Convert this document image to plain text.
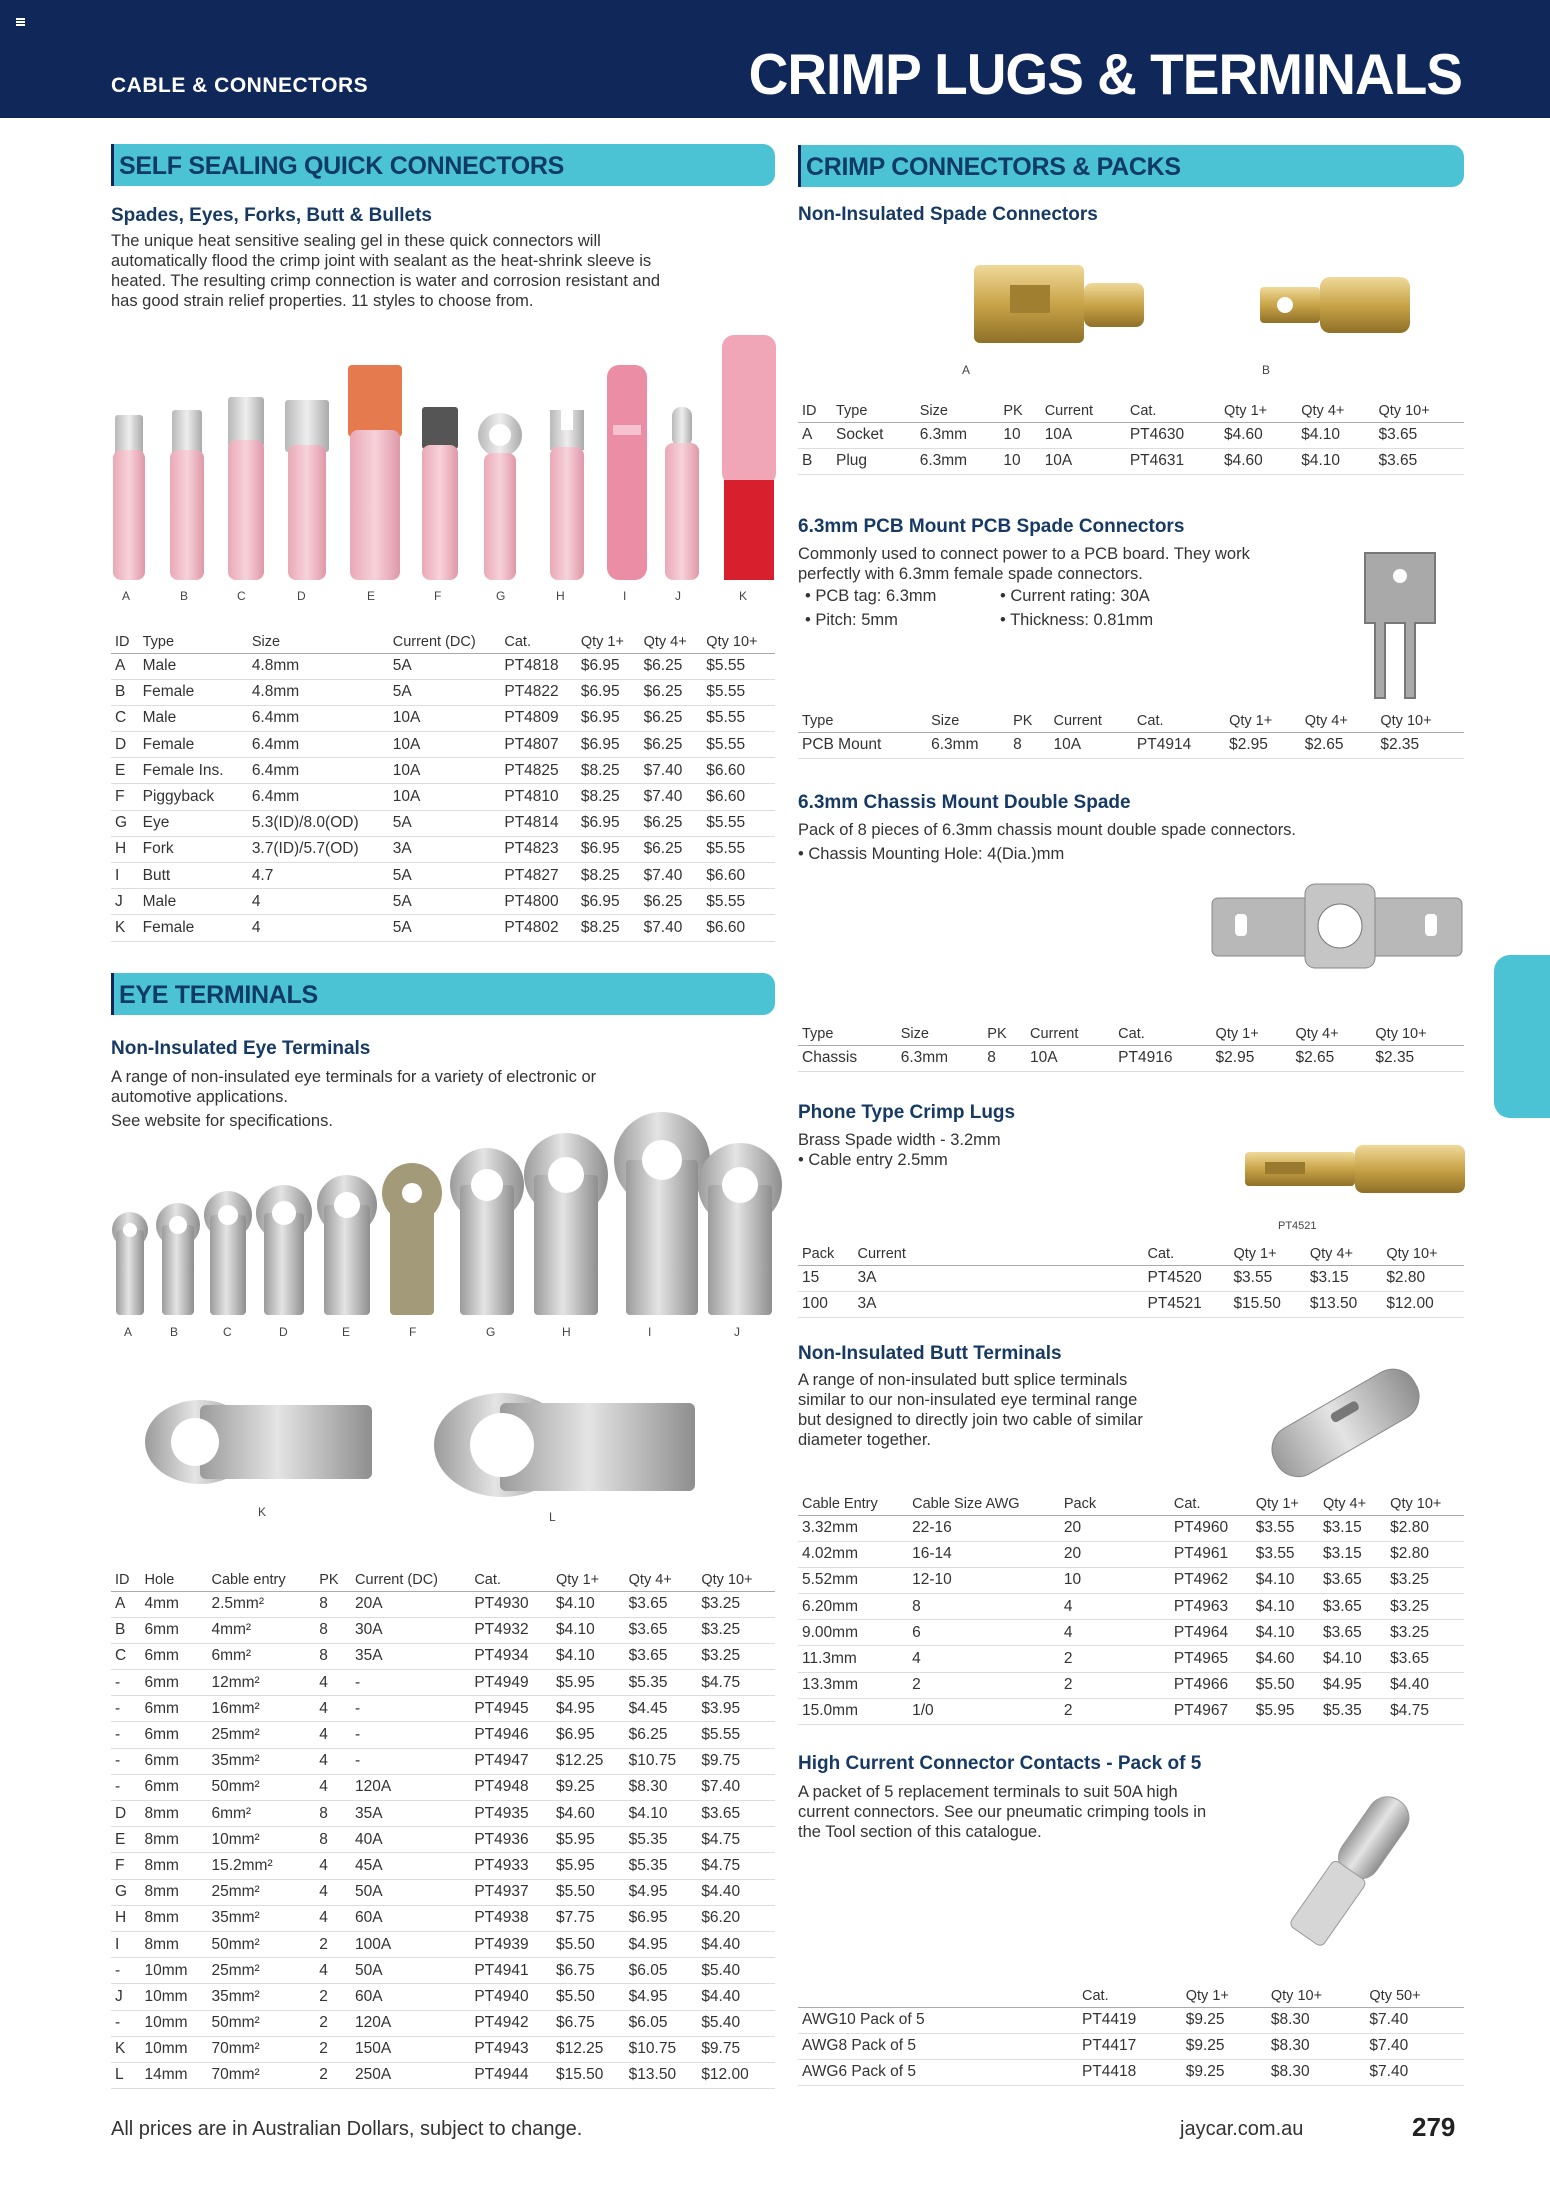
CABLE & CONNECTORS	CRIMP LUGS & TERMINALS
SELF SEALING QUICK CONNECTORS
Spades, Eyes, Forks, Butt & Bullets
The unique heat sensitive sealing gel in these quick connectors will
automatically flood the crimp joint with sealant as the heat-shrink sleeve is
heated. The resulting crimp connection is water and corrosion resistant and
has good strain relief properties. 11 styles to choose from.
A	B	C	D	E	F	G	H	I	J	K
ID	Type	Size	Current (DC)	Cat.	Qty 1+	Qty 4+	Qty 10+
A	Male	4.8mm	5A	PT4818	$6.95	$6.25	$5.55
B	Female	4.8mm	5A	PT4822	$6.95	$6.25	$5.55
C	Male	6.4mm	10A	PT4809	$6.95	$6.25	$5.55
D	Female	6.4mm	10A	PT4807	$6.95	$6.25	$5.55
E	Female Ins.	6.4mm	10A	PT4825	$8.25	$7.40	$6.60
F	Piggyback	6.4mm	10A	PT4810	$8.25	$7.40	$6.60
G	Eye	5.3(ID)/8.0(OD)	5A	PT4814	$6.95	$6.25	$5.55
H	Fork	3.7(ID)/5.7(OD)	3A	PT4823	$6.95	$6.25	$5.55
I	Butt	4.7	5A	PT4827	$8.25	$7.40	$6.60
J	Male	4	5A	PT4800	$6.95	$6.25	$5.55
K	Female	4	5A	PT4802	$8.25	$7.40	$6.60
EYE TERMINALS
Non-Insulated Eye Terminals
A range of non-insulated eye terminals for a variety of electronic or
automotive applications.
See website for specifications.
A	B	C	D	E	F	G	H	I	J
K	L
ID	Hole	Cable entry	PK	Current (DC)	Cat.	Qty 1+	Qty 4+	Qty 10+
A	4mm	2.5mm²	8	20A	PT4930	$4.10	$3.65	$3.25
B	6mm	4mm²	8	30A	PT4932	$4.10	$3.65	$3.25
C	6mm	6mm²	8	35A	PT4934	$4.10	$3.65	$3.25
-	6mm	12mm²	4	-	PT4949	$5.95	$5.35	$4.75
-	6mm	16mm²	4	-	PT4945	$4.95	$4.45	$3.95
-	6mm	25mm²	4	-	PT4946	$6.95	$6.25	$5.55
-	6mm	35mm²	4	-	PT4947	$12.25	$10.75	$9.75
-	6mm	50mm²	4	120A	PT4948	$9.25	$8.30	$7.40
D	8mm	6mm²	8	35A	PT4935	$4.60	$4.10	$3.65
E	8mm	10mm²	8	40A	PT4936	$5.95	$5.35	$4.75
F	8mm	15.2mm²	4	45A	PT4933	$5.95	$5.35	$4.75
G	8mm	25mm²	4	50A	PT4937	$5.50	$4.95	$4.40
H	8mm	35mm²	4	60A	PT4938	$7.75	$6.95	$6.20
I	8mm	50mm²	2	100A	PT4939	$5.50	$4.95	$4.40
-	10mm	25mm²	4	50A	PT4941	$6.75	$6.05	$5.40
J	10mm	35mm²	2	60A	PT4940	$5.50	$4.95	$4.40
-	10mm	50mm²	2	120A	PT4942	$6.75	$6.05	$5.40
K	10mm	70mm²	2	150A	PT4943	$12.25	$10.75	$9.75
L	14mm	70mm²	2	250A	PT4944	$15.50	$13.50	$12.00
CRIMP CONNECTORS & PACKS
Non-Insulated Spade Connectors
A	B
ID	Type	Size	PK	Current	Cat.	Qty 1+	Qty 4+	Qty 10+
A	Socket	6.3mm	10	10A	PT4630	$4.60	$4.10	$3.65
B	Plug	6.3mm	10	10A	PT4631	$4.60	$4.10	$3.65
6.3mm PCB Mount PCB Spade Connectors
Commonly used to connect power to a PCB board. They work
perfectly with 6.3mm female spade connectors.
• PCB tag: 6.3mm
• Pitch: 5mm
• Current rating: 30A
• Thickness: 0.81mm
Type	Size	PK	Current	Cat.	Qty 1+	Qty 4+	Qty 10+
PCB Mount	6.3mm	8	10A	PT4914	$2.95	$2.65	$2.35
6.3mm Chassis Mount Double Spade
Pack of 8 pieces of 6.3mm chassis mount double spade connectors.
• Chassis Mounting Hole: 4(Dia.)mm
Type	Size	PK	Current	Cat.	Qty 1+	Qty 4+	Qty 10+
Chassis	6.3mm	8	10A	PT4916	$2.95	$2.65	$2.35
Phone Type Crimp Lugs
Brass Spade width - 3.2mm
• Cable entry 2.5mm
PT4521
Pack	Current	Cat.	Qty 1+	Qty 4+	Qty 10+
15	3A	PT4520	$3.55	$3.15	$2.80
100	3A	PT4521	$15.50	$13.50	$12.00
Non-Insulated Butt Terminals
A range of non-insulated butt splice terminals
similar to our non-insulated eye terminal range
but designed to directly join two cable of similar
diameter together.
Cable Entry	Cable Size AWG	Pack	Cat.	Qty 1+	Qty 4+	Qty 10+
3.32mm	22-16	20	PT4960	$3.55	$3.15	$2.80
4.02mm	16-14	20	PT4961	$3.55	$3.15	$2.80
5.52mm	12-10	10	PT4962	$4.10	$3.65	$3.25
6.20mm	8	4	PT4963	$4.10	$3.65	$3.25
9.00mm	6	4	PT4964	$4.10	$3.65	$3.25
11.3mm	4	2	PT4965	$4.60	$4.10	$3.65
13.3mm	2	2	PT4966	$5.50	$4.95	$4.40
15.0mm	1/0	2	PT4967	$5.95	$5.35	$4.75
High Current Connector Contacts - Pack of 5
A packet of 5 replacement terminals to suit 50A high
current connectors. See our pneumatic crimping tools in
the Tool section of this catalogue.
	Cat.	Qty 1+	Qty 10+	Qty 50+
AWG10 Pack of 5	PT4419	$9.25	$8.30	$7.40
AWG8 Pack of 5	PT4417	$9.25	$8.30	$7.40
AWG6 Pack of 5	PT4418	$9.25	$8.30	$7.40
All prices are in Australian Dollars, subject to change.	jaycar.com.au	279
